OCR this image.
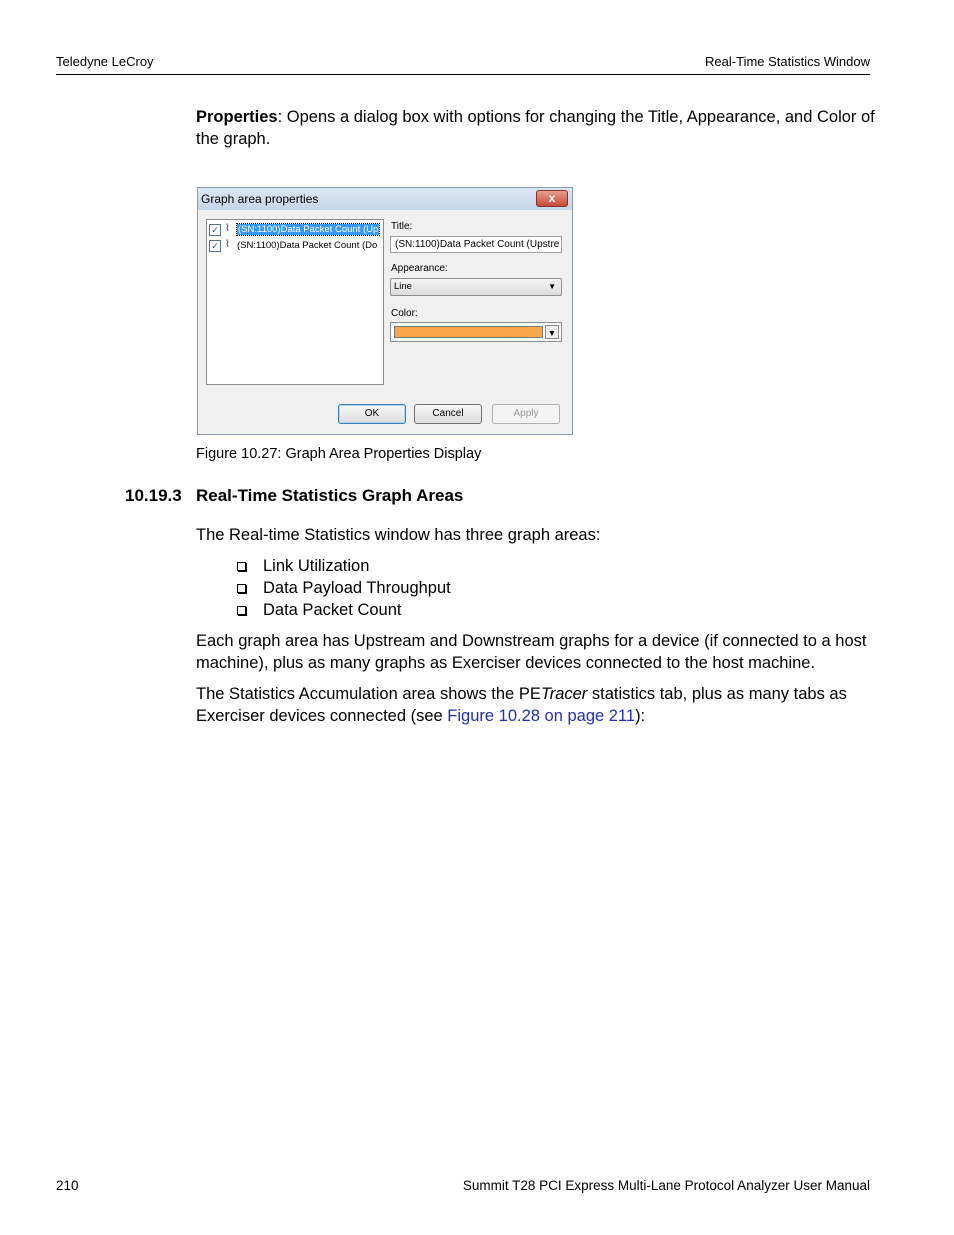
Teledyne LeCroy	Real-Time Statistics Window
Properties: Opens a dialog box with options for changing the Title, Appearance, and Color of the graph.
Graph area properties	x
✓ ⌇ (SN:1100)Data Packet Count (Up
✓ ⌇ (SN:1100)Data Packet Count (Do
Title:
(SN:1100)Data Packet Count (Upstre
Appearance:
Line	▼
Color:
▼
OK	Cancel	Apply
Figure 10.27: Graph Area Properties Display
10.19.3 Real-Time Statistics Graph Areas
The Real-time Statistics window has three graph areas:
Link Utilization
Data Payload Throughput
Data Packet Count
Each graph area has Upstream and Downstream graphs for a device (if connected to a host machine), plus as many graphs as Exerciser devices connected to the host machine.
The Statistics Accumulation area shows the PETracer statistics tab, plus as many tabs as Exerciser devices connected (see Figure 10.28 on page 211):
210	Summit T28 PCI Express Multi-Lane Protocol Analyzer User Manual
